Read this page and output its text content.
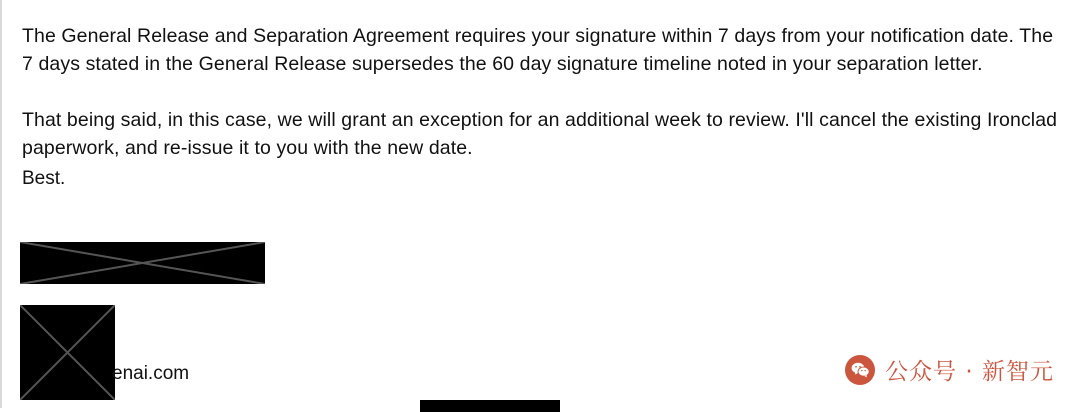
The General Release and Separation Agreement requires your signature within 7 days from your notification date. The 7 days stated in the General Release supersedes the 60 day signature timeline noted in your separation letter.

That being said, in this case, we will grant an exception for an additional week to review. I'll cancel the existing Ironclad paperwork, and re-issue it to you with the new date.

Best.

enai.com	公众号 · 新智元
